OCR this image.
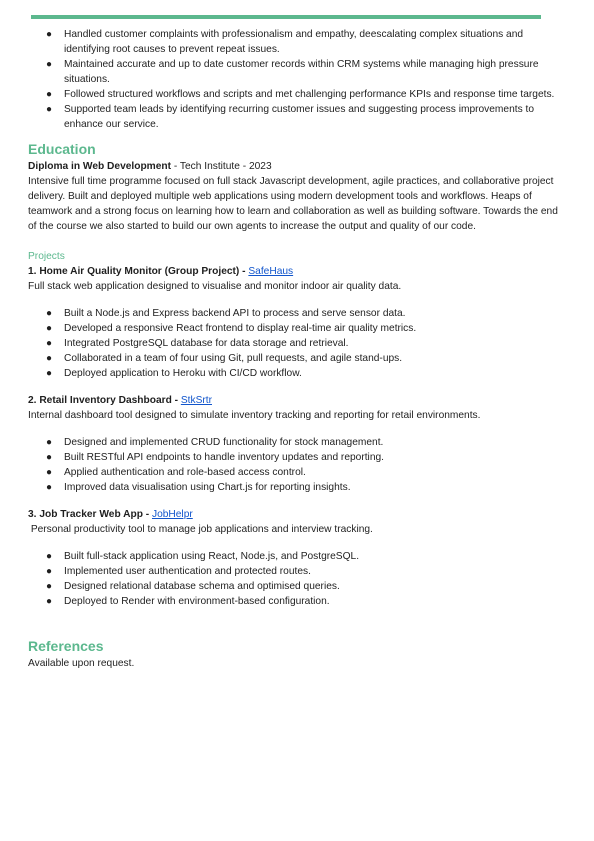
● Handled customer complaints with professionalism and empathy, deescalating complex situations and identifying root causes to prevent repeat issues.
● Maintained accurate and up to date customer records within CRM systems while managing high pressure situations.
● Followed structured workflows and scripts and met challenging performance KPIs and response time targets.
● Supported team leads by identifying recurring customer issues and suggesting process improvements to enhance our service.
Education

Diploma in Web Development - Tech Institute - 2023

Intensive full time programme focused on full stack Javascript development, agile practices, and collaborative project delivery. Built and deployed multiple web applications using modern development tools and workflows. Heaps of teamwork and a strong focus on learning how to learn and collaboration as well as building software. Towards the end of the course we also started to build our own agents to increase the output and quality of our code.

Projects

1. Home Air Quality Monitor (Group Project) - SafeHaus

Full stack web application designed to visualise and monitor indoor air quality data.

● Built a Node.js and Express backend API to process and serve sensor data.
● Developed a responsive React frontend to display real-time air quality metrics.
● Integrated PostgreSQL database for data storage and retrieval.
● Collaborated in a team of four using Git, pull requests, and agile stand-ups.
● Deployed application to Heroku with CI/CD workflow.

2. Retail Inventory Dashboard - StkSrtr

Internal dashboard tool designed to simulate inventory tracking and reporting for retail environments.

● Designed and implemented CRUD functionality for stock management.
● Built RESTful API endpoints to handle inventory updates and reporting.
● Applied authentication and role-based access control.
● Improved data visualisation using Chart.js for reporting insights.

3. Job Tracker Web App - JobHelpr

Personal productivity tool to manage job applications and interview tracking.

● Built full-stack application using React, Node.js, and PostgreSQL.
● Implemented user authentication and protected routes.
● Designed relational database schema and optimised queries.
● Deployed to Render with environment-based configuration.
References

Available upon request.
